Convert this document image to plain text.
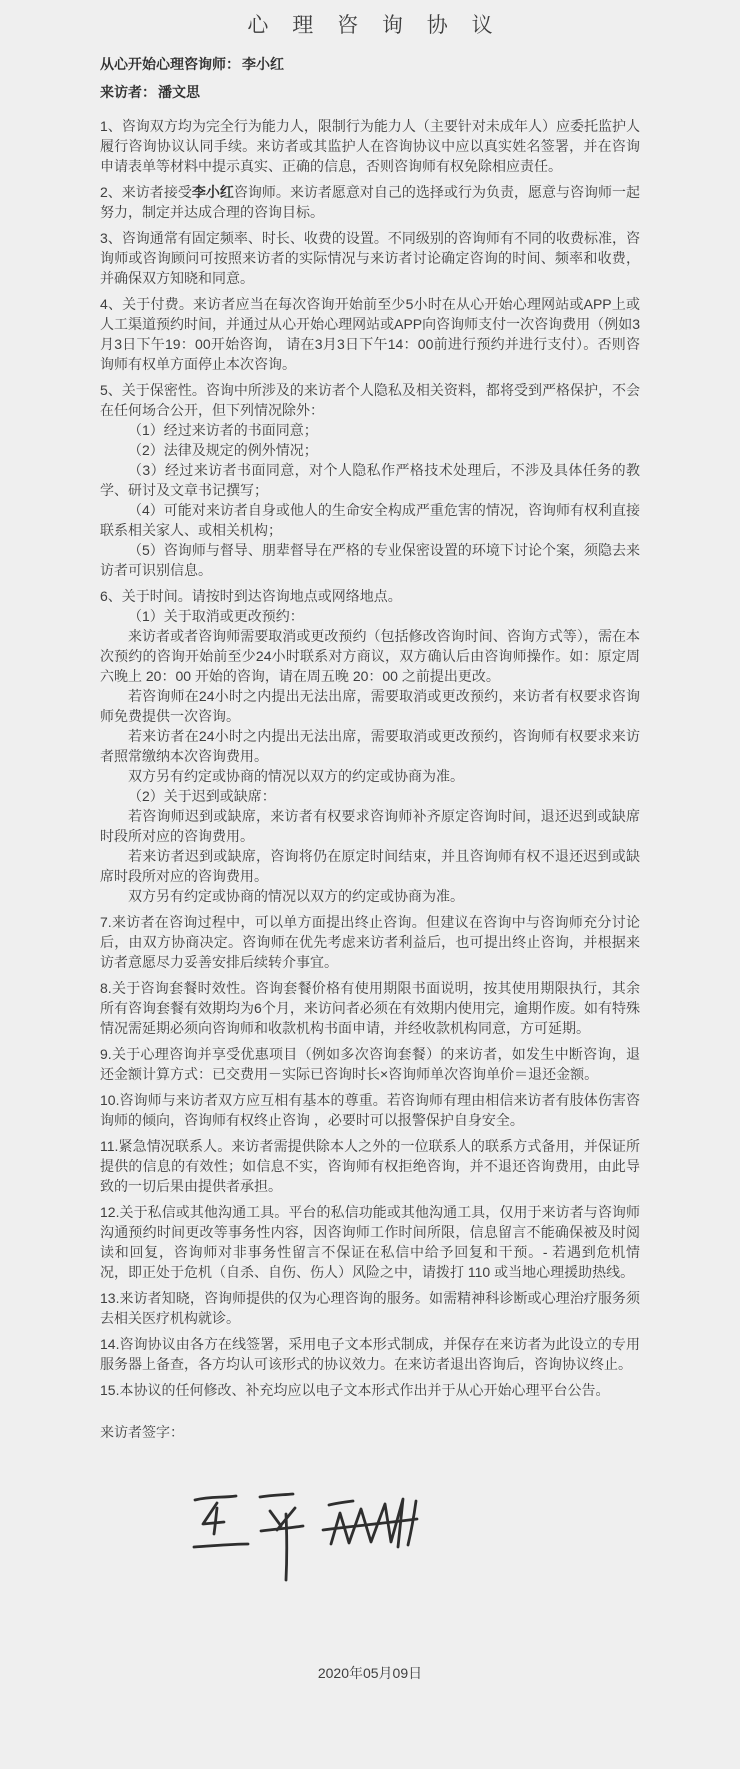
心 理 咨 询 协 议

从心开始心理咨询师： 李小红

来访者： 潘文思

1、咨询双方均为完全行为能力人，限制行为能力人（主要针对未成年人）应委托监护人履行咨询协议认同手续。来访者或其监护人在咨询协议中应以真实姓名签署，并在咨询申请表单等材料中提示真实、正确的信息，否则咨询师有权免除相应责任。

2、来访者接受李小红咨询师。来访者愿意对自己的选择或行为负责，愿意与咨询师一起努力，制定并达成合理的咨询目标。

3、咨询通常有固定频率、时长、收费的设置。不同级别的咨询师有不同的收费标准，咨询师或咨询顾问可按照来访者的实际情况与来访者讨论确定咨询的时间、频率和收费，并确保双方知晓和同意。

4、关于付费。来访者应当在每次咨询开始前至少5小时在从心开始心理网站或APP上或人工渠道预约时间，并通过从心开始心理网站或APP向咨询师支付一次咨询费用（例如3月3日下午19：00开始咨询， 请在3月3日下午14：00前进行预约并进行支付）。否则咨询师有权单方面停止本次咨询。

5、关于保密性。咨询中所涉及的来访者个人隐私及相关资料，都将受到严格保护，不会在任何场合公开，但下列情况除外：

（1）经过来访者的书面同意；

（2）法律及规定的例外情况；

（3）经过来访者书面同意，对个人隐私作严格技术处理后，不涉及具体任务的教学、研讨及文章书记撰写；

（4）可能对来访者自身或他人的生命安全构成严重危害的情况，咨询师有权利直接联系相关家人、或相关机构；

（5）咨询师与督导、朋辈督导在严格的专业保密设置的环境下讨论个案，须隐去来访者可识别信息。

6、关于时间。请按时到达咨询地点或网络地点。

（1）关于取消或更改预约：

来访者或者咨询师需要取消或更改预约（包括修改咨询时间、咨询方式等），需在本次预约的咨询开始前至少24小时联系对方商议，双方确认后由咨询师操作。如：原定周六晚上 20：00 开始的咨询，请在周五晚 20：00 之前提出更改。

若咨询师在24小时之内提出无法出席，需要取消或更改预约，来访者有权要求咨询师免费提供一次咨询。

若来访者在24小时之内提出无法出席，需要取消或更改预约，咨询师有权要求来访者照常缴纳本次咨询费用。

双方另有约定或协商的情况以双方的约定或协商为准。

（2）关于迟到或缺席：

若咨询师迟到或缺席，来访者有权要求咨询师补齐原定咨询时间，退还迟到或缺席时段所对应的咨询费用。

若来访者迟到或缺席，咨询将仍在原定时间结束，并且咨询师有权不退还迟到或缺席时段所对应的咨询费用。

双方另有约定或协商的情况以双方的约定或协商为准。

7.来访者在咨询过程中，可以单方面提出终止咨询。但建议在咨询中与咨询师充分讨论后，由双方协商决定。咨询师在优先考虑来访者利益后，也可提出终止咨询，并根据来访者意愿尽力妥善安排后续转介事宜。

8.关于咨询套餐时效性。咨询套餐价格有使用期限书面说明，按其使用期限执行，其余所有咨询套餐有效期均为6个月，来访问者必须在有效期内使用完，逾期作废。如有特殊情况需延期必须向咨询师和收款机构书面申请，并经收款机构同意，方可延期。

9.关于心理咨询并享受优惠项目（例如多次咨询套餐）的来访者，如发生中断咨询，退还金额计算方式：已交费用－实际已咨询时长×咨询师单次咨询单价＝退还金额。

10.咨询师与来访者双方应互相有基本的尊重。若咨询师有理由相信来访者有肢体伤害咨询师的倾向，咨询师有权终止咨询 ，必要时可以报警保护自身安全。

11.紧急情况联系人。来访者需提供除本人之外的一位联系人的联系方式备用，并保证所提供的信息的有效性；如信息不实，咨询师有权拒绝咨询，并不退还咨询费用，由此导致的一切后果由提供者承担。

12.关于私信或其他沟通工具。平台的私信功能或其他沟通工具，仅用于来访者与咨询师沟通预约时间更改等事务性内容，因咨询师工作时间所限，信息留言不能确保被及时阅读和回复，咨询师对非事务性留言不保证在私信中给予回复和干预。- 若遇到危机情况，即正处于危机（自杀、自伤、伤人）风险之中，请拨打 110 或当地心理援助热线。

13.来访者知晓，咨询师提供的仅为心理咨询的服务。如需精神科诊断或心理治疗服务须去相关医疗机构就诊。

14.咨询协议由各方在线签署，采用电子文本形式制成，并保存在来访者为此设立的专用服务器上备查，各方均认可该形式的协议效力。在来访者退出咨询后，咨询协议终止。

15.本协议的任何修改、补充均应以电子文本形式作出并于从心开始心理平台公告。

来访者签字：

2020年05月09日
